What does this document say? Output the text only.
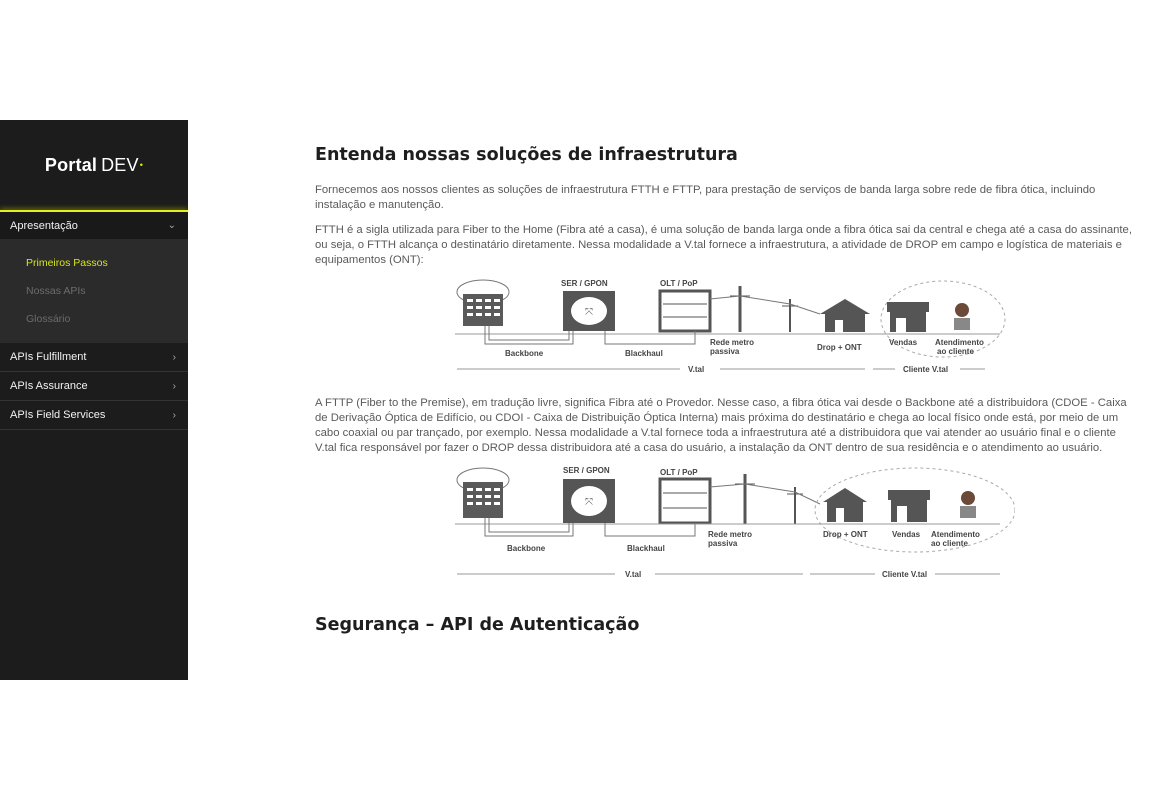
Portal DEV •
Apresentação	⌄
Primeiros Passos
Nossas APIs
Glossário
APIs Fulfillment	›
APIs Assurance	›
APIs Field Services	›
Entenda nossas soluções de infraestrutura

Fornecemos aos nossos clientes as soluções de infraestrutura FTTH e FTTP, para prestação de serviços de banda larga sobre rede de fibra ótica, incluindo instalação e manutenção.

FTTH é a sigla utilizada para Fiber to the Home (Fibra até a casa), é uma solução de banda larga onde a fibra ótica sai da central e chega até a casa do assinante, ou seja, o FTTH alcança o destinatário diretamente. Nessa modalidade a V.tal fornece a infraestrutura, a atividade de DROP em campo e logística de materiais e equipamentos (ONT):

⤧
SER / GPON	OLT / PoP
Backbone	Blackhaul
Rede metro
passiva	Drop + ONT
Vendas Atendimento
ao cliente
V.tal	Cliente V.tal

A FTTP (Fiber to the Premise), em tradução livre, significa Fibra até o Provedor. Nesse caso, a fibra ótica vai desde o Backbone até a distribuidora (CDOE - Caixa de Derivação Óptica de Edifício, ou CDOI - Caixa de Distribuição Óptica Interna) mais próxima do destinatário e chega ao local físico onde está, por meio de um cabo coaxial ou par trançado, por exemplo. Nessa modalidade a V.tal fornece toda a infraestrutura até a distribuidora que vai atender ao usuário final e o cliente V.tal fica responsável por fazer o DROP dessa distribuidora até a casa do usuário, a instalação da ONT dentro de sua residência e o atendimento ao usuário.

⤧
SER / GPON	OLT / PoP
Backbone	Blackhaul
Rede metro
passiva
Drop + ONT	Vendas Atendimento
ao cliente
V.tal	Cliente V.tal
Segurança – API de Autenticação
